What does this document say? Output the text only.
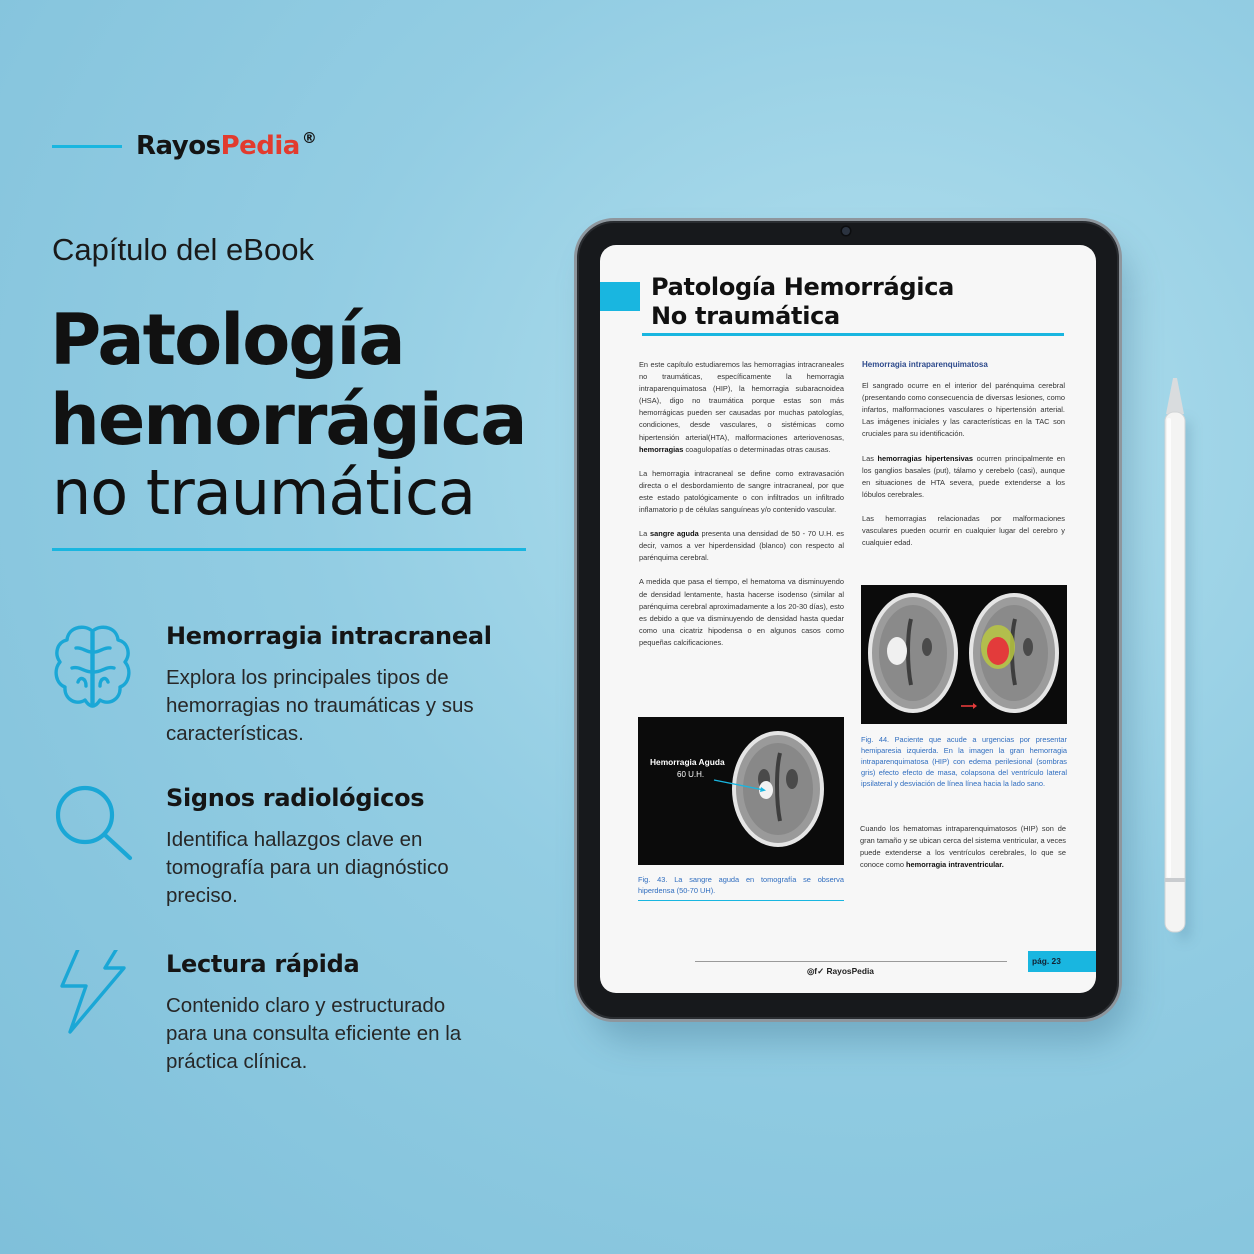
RayosPedia ®
Capítulo del eBook
Patología
hemorrágica
no traumática
Hemorragia intracraneal
Explora los principales tipos de hemorragias no traumáticas y sus características.
Signos radiológicos
Identifica hallazgos clave en tomografía para un diagnóstico preciso.
Lectura rápida
Contenido claro y estructurado para una consulta eficiente en la práctica clínica.
Patología Hemorrágica
No traumática

En este capítulo estudiaremos las hemorragias intracraneales no traumáticas, específicamente la hemorragia intraparenquimatosa (HIP), la hemorragia subaracnoidea (HSA), digo no traumática porque estas son más hemorrágicas pueden ser causadas por muchas patologías, condiciones, desde vasculares, o sistémicas como hipertensión arterial(HTA), malformaciones arteriovenosas, hemorragias coagulopatías o determinadas otras causas.

La hemorragia intracraneal se define como extravasación directa o el desbordamiento de sangre intracraneal, por que este estado patológicamente o con infiltrados un infiltrado inflamatorio p de células sanguíneas y/o contenido vascular.

La sangre aguda presenta una densidad de 50 - 70 U.H. es decir, vamos a ver hiperdensidad (blanco) con respecto al parénquima cerebral.

A medida que pasa el tiempo, el hematoma va disminuyendo de densidad lentamente, hasta hacerse isodenso (similar al parénquima cerebral aproximadamente a los 20-30 días), esto es debido a que va disminuyendo de densidad hasta quedar como una cicatriz hipodensa o en algunos casos como pequeñas calcificaciones.

Hemorragia intraparenquimatosa

El sangrado ocurre en el interior del parénquima cerebral (presentando como consecuencia de diversas lesiones, como infartos, malformaciones vasculares o hipertensión arterial. Las imágenes iniciales y las características en la TAC son cruciales para su identificación.

Las hemorragias hipertensivas ocurren principalmente en los ganglios basales (put), tálamo y cerebelo (casi), aunque en situaciones de HTA severa, puede extenderse a los lóbulos cerebrales.

Las hemorragias relacionadas por malformaciones vasculares pueden ocurrir en cualquier lugar del cerebro y cualquier edad.

Fig. 44. Paciente que acude a urgencias por presentar hemiparesia izquierda. En la imagen la gran hemorragia intraparenquimatosa (HIP) con edema perilesional (sombras gris) efecto efecto de masa, colapsona del ventrículo lateral ipsilateral y desviación de línea línea hacia la lado sano.

Cuando los hematomas intraparenquimatosos (HIP) son de gran tamaño y se ubican cerca del sistema ventricular, a veces puede extenderse a los ventrículos cerebrales, lo que se conoce como hemorragia intraventricular.

Hemorragia Aguda
60 U.H.
Fig. 43. La sangre aguda en tomografía se observa hiperdensa (50-70 UH).
◎f✓ RayosPedia
pág. 23
